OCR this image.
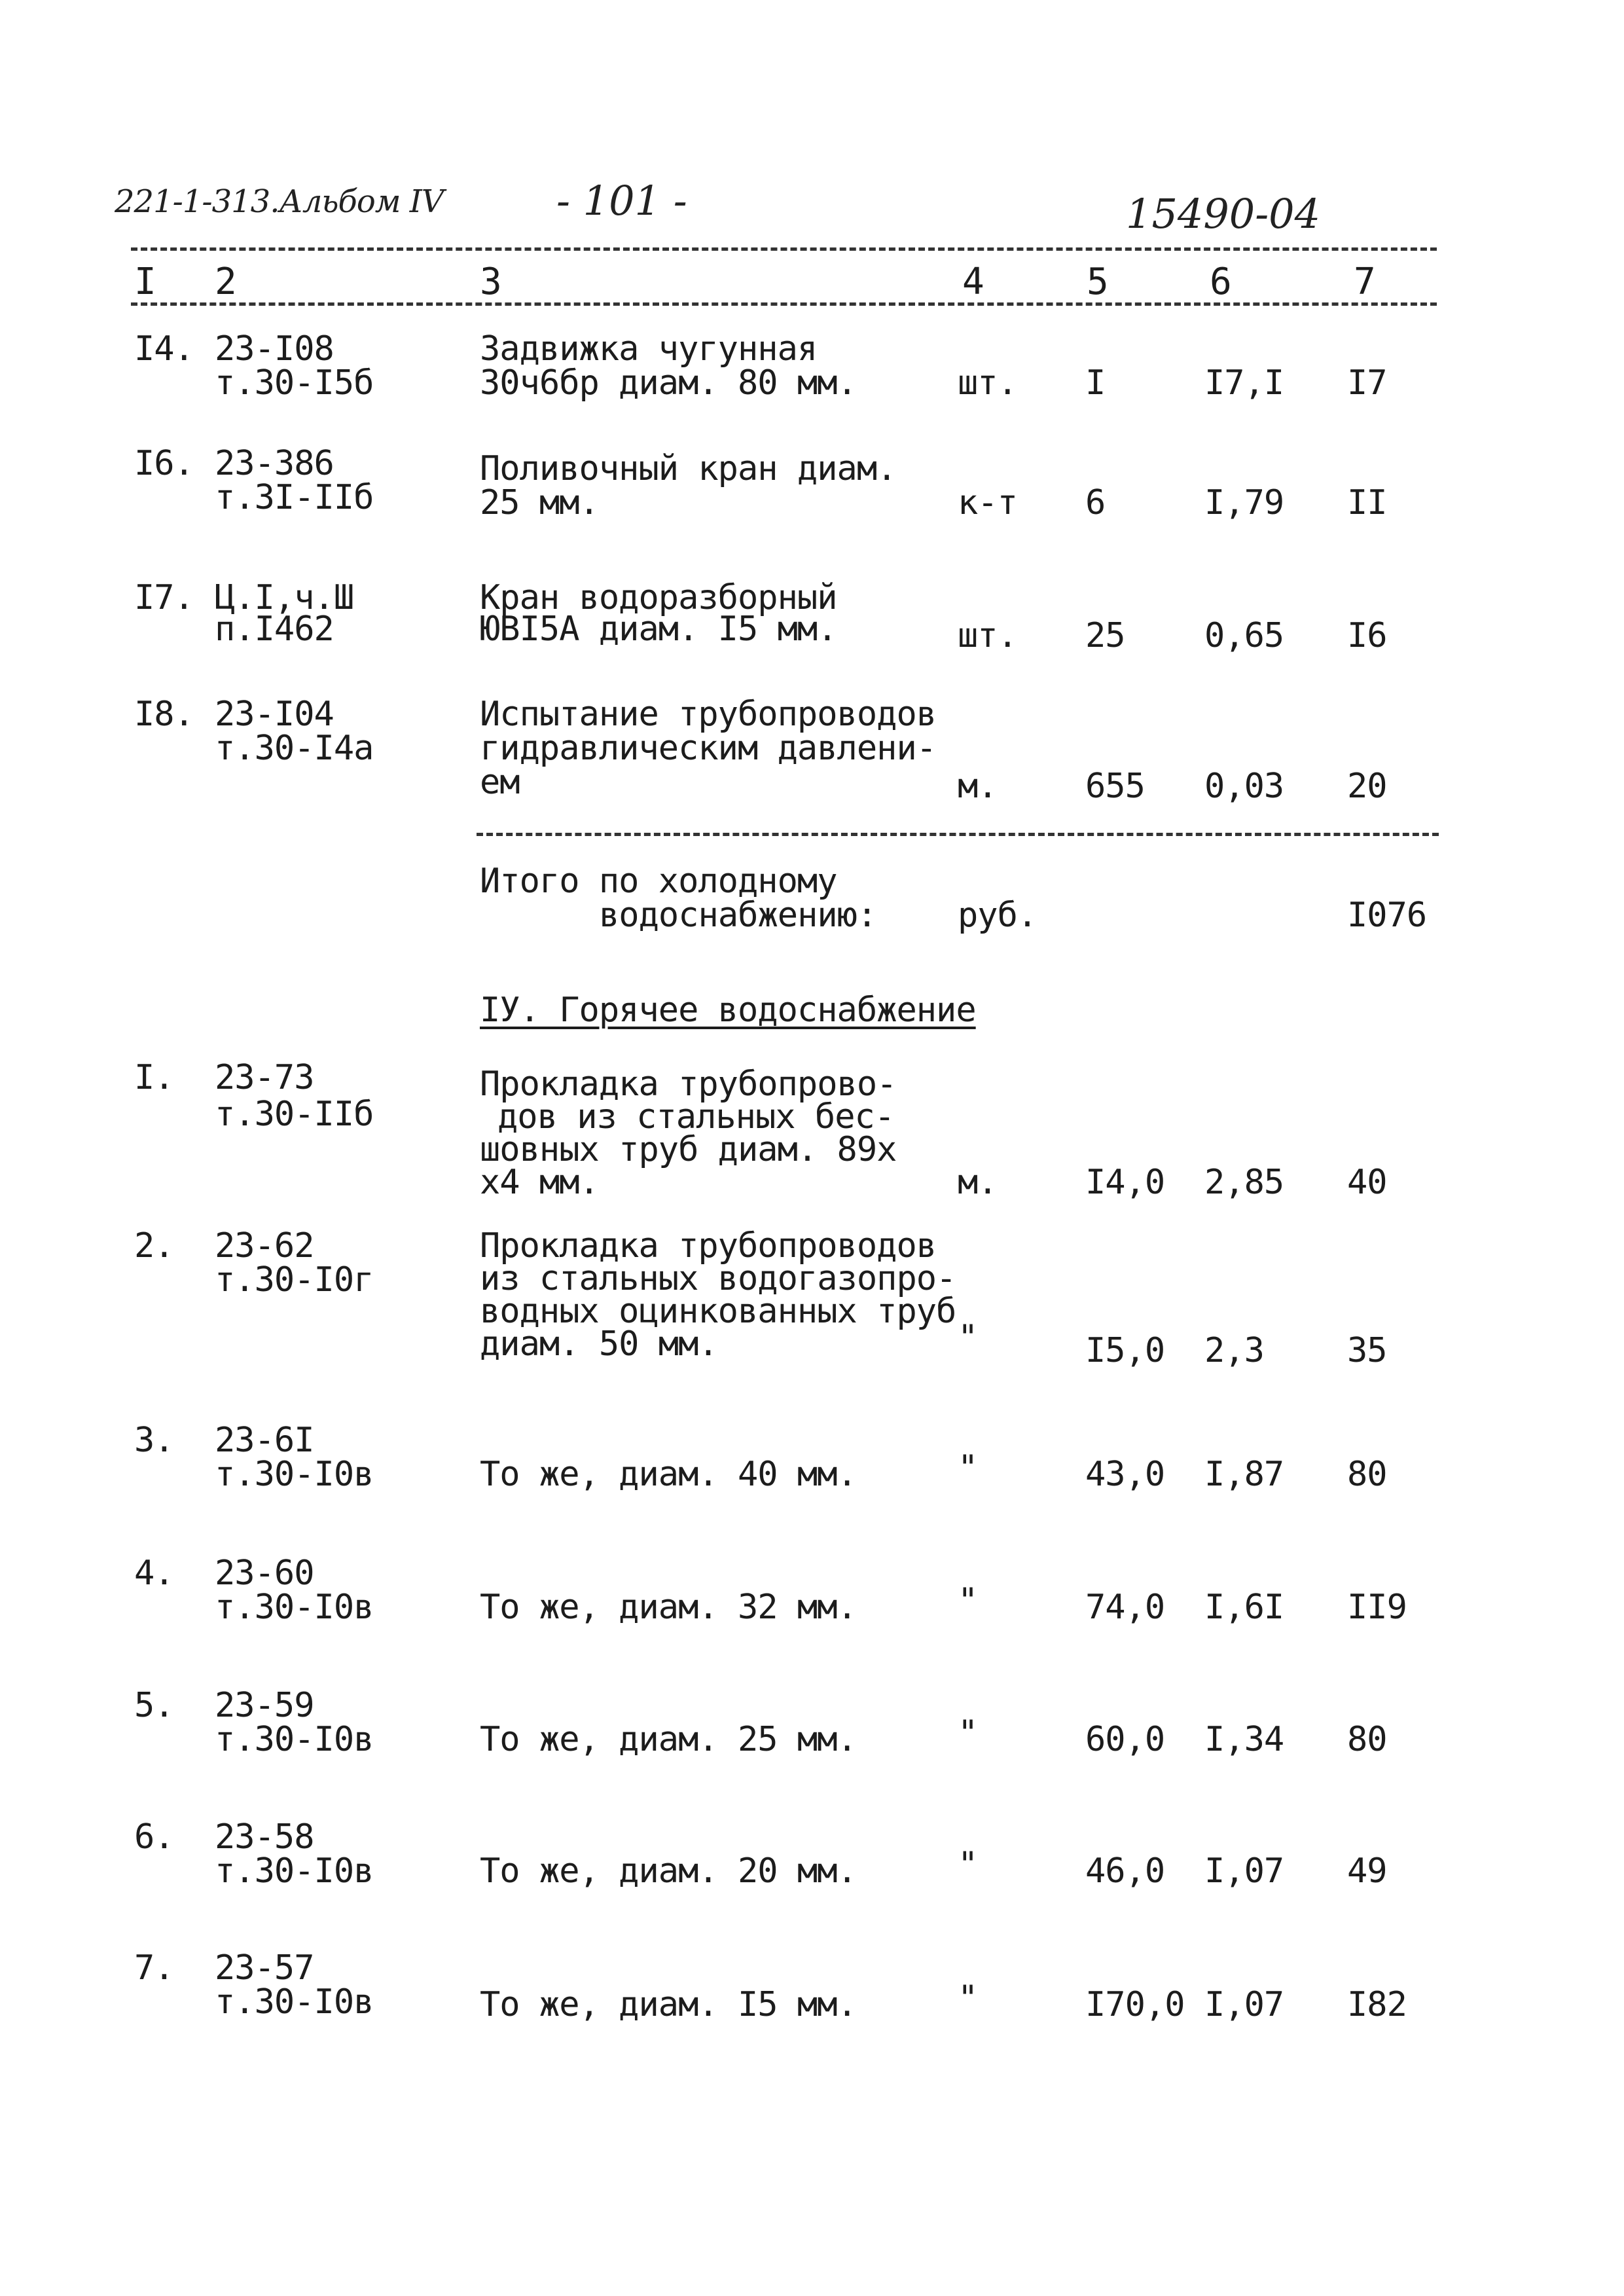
221-1-313.Альбом IV	- 101 -	15490-04
I 2	3	4	5	6	7
I4. 23-I08
т.30-I5б
Задвижка чугунная
30ч6бр диам. 80 мм.	шт. I	I7,I I7
I6. 23-386
т.3I-IIб
Поливочный кран диам.
25 мм.	к-т 6	I,79 II
I7. Ц.I,ч.Ш
п.I462
Кран водоразборный
ЮВI5А диам. I5 мм.	шт. 25 0,65 I6
I8. 23-I04
т.30-I4а
Испытание трубопроводов
гидравлическим давлени-
ем	м.	655 0,03 20
Итого по холодному
водоснабжению: руб.	I076
IУ. Горячее водоснабжение
I. 23-73
т.30-IIб
Прокладка трубопрово-
дов из стальных бес-
шовных труб диам. 89х
х4 мм.	м.	I4,0 2,85 40
2. 23-62
т.30-I0г
Прокладка трубопроводов
из стальных водогазопро-
водных оцинкованных труб
диам. 50 мм.	"	I5,0 2,3 35
3. 23-6I
т.30-I0в	То же, диам. 40 мм.	"	43,0 I,87 80
4. 23-60
т.30-I0в	То же, диам. 32 мм.	"	74,0 I,6I II9
5. 23-59
т.30-I0в	То же, диам. 25 мм.	"	60,0 I,34 80
6. 23-58
т.30-I0в	То же, диам. 20 мм.	"	46,0 I,07 49
7. 23-57
т.30-I0в	То же, диам. I5 мм.	"	I70,0 I,07 I82
